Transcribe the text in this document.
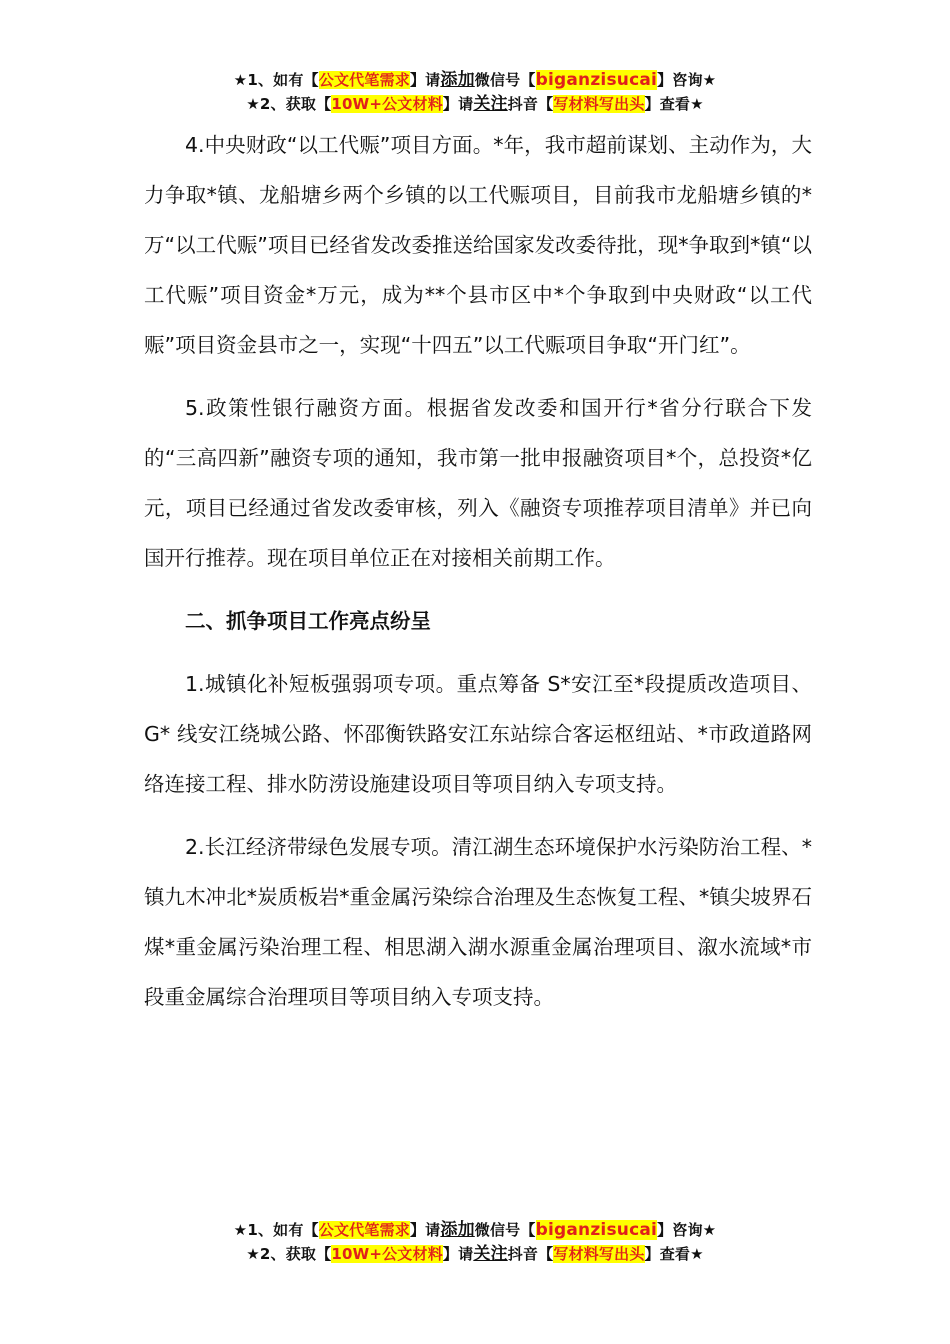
★1、如有【公文代笔需求】请添加微信号【biganzisucai】咨询★
★2、获取【10W+公文材料】请关注抖音【写材料写出头】查看★

4.中央财政“以工代赈”项目方面。*年，我市超前谋划、主动作为，大力争取*镇、龙船塘乡两个乡镇的以工代赈项目，目前我市龙船塘乡镇的*万“以工代赈”项目已经省发改委推送给国家发改委待批，现*争取到*镇“以工代赈”项目资金*万元，成为**个县市区中*个争取到中央财政“以工代赈”项目资金县市之一，实现“十四五”以工代赈项目争取“开门红”。

5.政策性银行融资方面。根据省发改委和国开行*省分行联合下发的“三高四新”融资专项的通知，我市第一批申报融资项目*个，总投资*亿元，项目已经通过省发改委审核，列入《融资专项推荐项目清单》并已向国开行推荐。现在项目单位正在对接相关前期工作。

二、抓争项目工作亮点纷呈

1.城镇化补短板强弱项专项。重点筹备 S*安江至*段提质改造项目、G* 线安江绕城公路、怀邵衡铁路安江东站综合客运枢纽站、*市政道路网络连接工程、排水防涝设施建设项目等项目纳入专项支持。

2.长江经济带绿色发展专项。清江湖生态环境保护水污染防治工程、*镇九木冲北*炭质板岩*重金属污染综合治理及生态恢复工程、*镇尖坡界石煤*重金属污染治理工程、相思湖入湖水源重金属治理项目、溆水流域*市段重金属综合治理项目等项目纳入专项支持。

★1、如有【公文代笔需求】请添加微信号【biganzisucai】咨询★
★2、获取【10W+公文材料】请关注抖音【写材料写出头】查看★
